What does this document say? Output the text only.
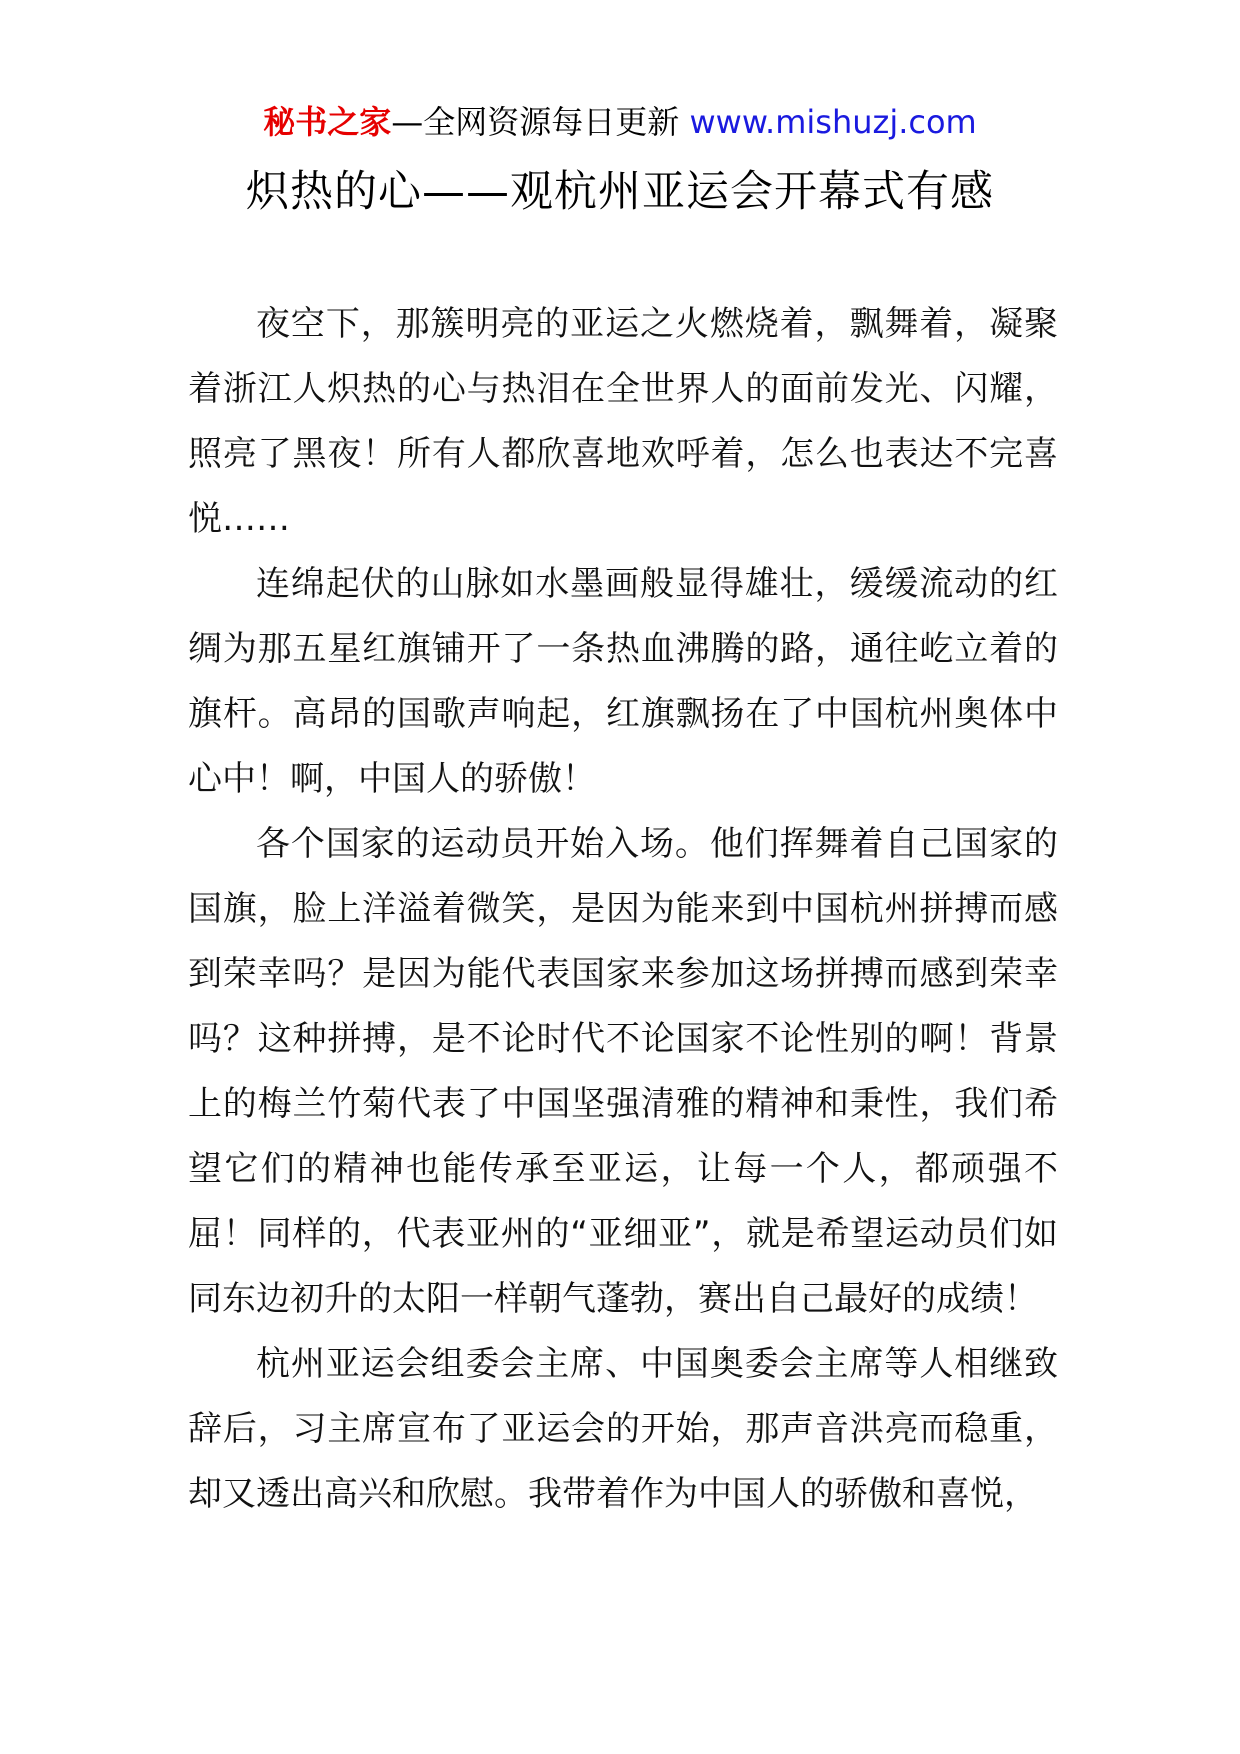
秘书之家—全网资源每日更新 www.mishuzj.com
炽热的心——观杭州亚运会开幕式有感

夜空下，那簇明亮的亚运之火燃烧着，飘舞着，凝聚着浙江人炽热的心与热泪在全世界人的面前发光、闪耀，照亮了黑夜！所有人都欣喜地欢呼着，怎么也表达不完喜悦……

连绵起伏的山脉如水墨画般显得雄壮，缓缓流动的红绸为那五星红旗铺开了一条热血沸腾的路，通往屹立着的旗杆。高昂的国歌声响起，红旗飘扬在了中国杭州奥体中心中！啊，中国人的骄傲！

各个国家的运动员开始入场。他们挥舞着自己国家的国旗，脸上洋溢着微笑，是因为能来到中国杭州拼搏而感到荣幸吗？是因为能代表国家来参加这场拼搏而感到荣幸吗？这种拼搏，是不论时代不论国家不论性别的啊！背景上的梅兰竹菊代表了中国坚强清雅的精神和秉性，我们希望它们的精神也能传承至亚运，让每一个人，都顽强不屈！同样的，代表亚州的“亚细亚”，就是希望运动员们如同东边初升的太阳一样朝气蓬勃，赛出自己最好的成绩！

杭州亚运会组委会主席、中国奥委会主席等人相继致辞后，习主席宣布了亚运会的开始，那声音洪亮而稳重，却又透出高兴和欣慰。我带着作为中国人的骄傲和喜悦，
